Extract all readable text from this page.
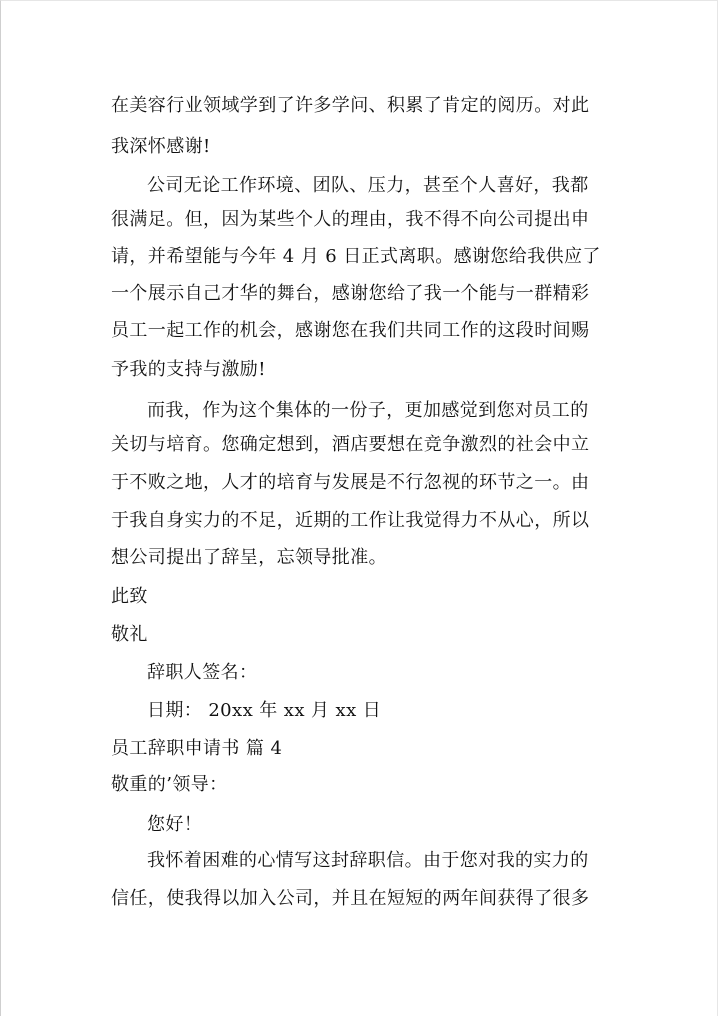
在美容行业领域学到了许多学问、积累了肯定的阅历。对此
我深怀感谢!
公司无论工作环境、团队、压力，甚至个人喜好，我都
很满足。但，因为某些个人的理由，我不得不向公司提出申
请，并希望能与今年 4 月 6 日正式离职。感谢您给我供应了
一个展示自己才华的舞台，感谢您给了我一个能与一群精彩
员工一起工作的机会，感谢您在我们共同工作的这段时间赐
予我的支持与激励!
而我，作为这个集体的一份子，更加感觉到您对员工的
关切与培育。您确定想到，酒店要想在竞争激烈的社会中立
于不败之地，人才的培育与发展是不行忽视的环节之一。由
于我自身实力的不足，近期的工作让我觉得力不从心，所以
想公司提出了辞呈，忘领导批准。
此致
敬礼
辞职人签名：
日期： 20xx 年 xx 月 xx 日
员工辞职申请书 篇 4
敬重的’领导：
您好！
我怀着困难的心情写这封辞职信。由于您对我的实力的
信任，使我得以加入公司，并且在短短的两年间获得了很多
